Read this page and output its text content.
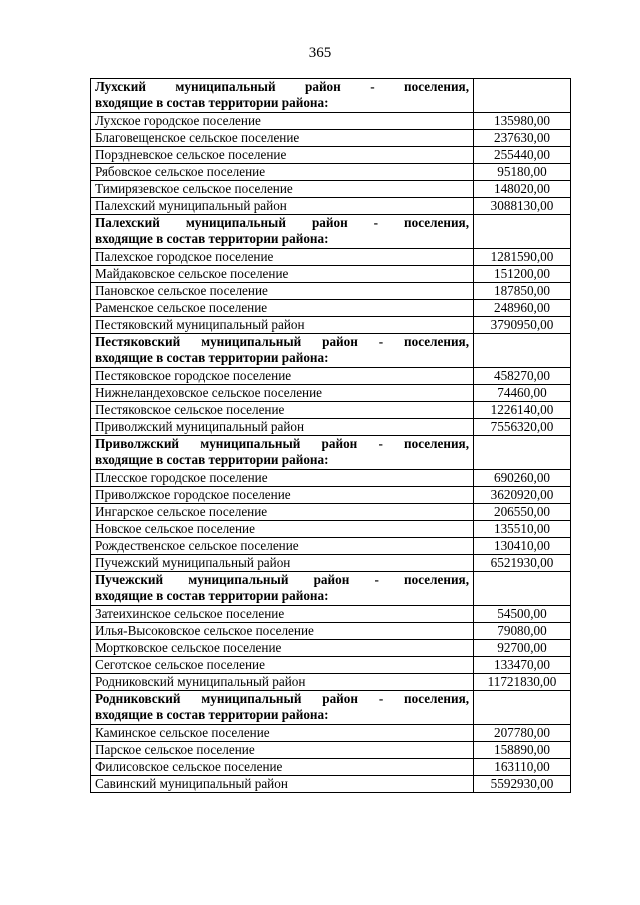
365
Лухский муниципальный район - поселения,
входящие в состав территории района:	

Лухское городское поселение	135980,00
Благовещенское сельское поселение	237630,00
Порздневское сельское поселение	255440,00
Рябовское сельское поселение	95180,00
Тимирязевское сельское поселение	148020,00
Палехский муниципальный район	3088130,00

Палехский муниципальный район - поселения,
входящие в состав территории района:	

Палехское городское поселение	1281590,00
Майдаковское сельское поселение	151200,00
Пановское сельское поселение	187850,00
Раменское сельское поселение	248960,00
Пестяковский муниципальный район	3790950,00

Пестяковский муниципальный район - поселения,
входящие в состав территории района:	

Пестяковское городское поселение	458270,00
Нижнеландеховское сельское поселение	74460,00
Пестяковское сельское поселение	1226140,00
Приволжский муниципальный район	7556320,00

Приволжский муниципальный район - поселения,
входящие в состав территории района:	

Плесское городское поселение	690260,00
Приволжское городское поселение	3620920,00
Ингарское сельское поселение	206550,00
Новское сельское поселение	135510,00
Рождественское сельское поселение	130410,00
Пучежский муниципальный район	6521930,00

Пучежский муниципальный район - поселения,
входящие в состав территории района:	

Затеихинское сельское поселение	54500,00
Илья-Высоковское сельское поселение	79080,00
Мортковское сельское поселение	92700,00
Сеготское сельское поселение	133470,00
Родниковский муниципальный район	11721830,00

Родниковский муниципальный район - поселения,
входящие в состав территории района:	

Каминское сельское поселение	207780,00
Парское сельское поселение	158890,00
Филисовское сельское поселение	163110,00
Савинский муниципальный район	5592930,00
